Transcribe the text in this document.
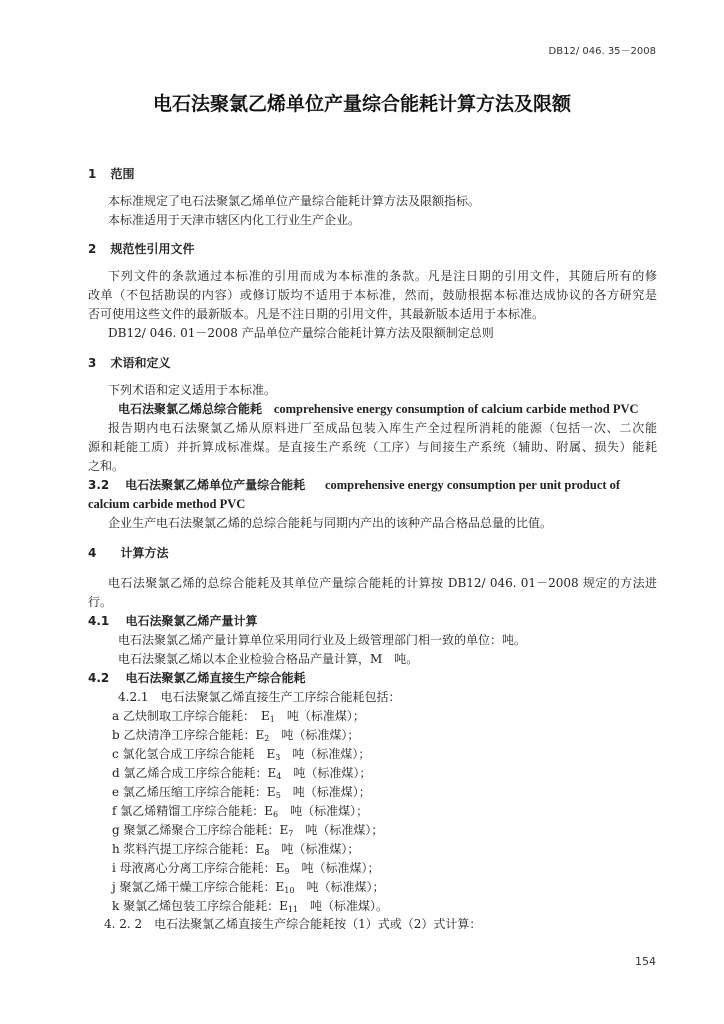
DB12/ 046. 35－2008
电石法聚氯乙烯单位产量综合能耗计算方法及限额
1 范围
本标准规定了电石法聚氯乙烯单位产量综合能耗计算方法及限额指标。
本标准适用于天津市辖区内化工行业生产企业。
2 规范性引用文件
下列文件的条款通过本标准的引用而成为本标准的条款。凡是注日期的引用文件，其随后所有的修
改单（不包括勘误的内容）或修订版均不适用于本标准，然而，鼓励根据本标准达成协议的各方研究是
否可使用这些文件的最新版本。凡是不注日期的引用文件，其最新版本适用于本标准。
DB12/ 046. 01－2008 产品单位产量综合能耗计算方法及限额制定总则
3 术语和定义
下列术语和定义适用于本标准。
电石法聚氯乙烯总综合能耗 comprehensive energy consumption of calcium carbide method PVC
报告期内电石法聚氯乙烯从原料进厂至成品包装入库生产全过程所消耗的能源（包括一次、二次能
源和耗能工质）并折算成标准煤。是直接生产系统（工序）与间接生产系统（辅助、附属、损失）能耗
之和。
3.2 电石法聚氯乙烯单位产量综合能耗 comprehensive energy consumption per unit product of
calcium carbide method PVC
企业生产电石法聚氯乙烯的总综合能耗与同期内产出的该种产品合格品总量的比值。
4 计算方法
电石法聚氯乙烯的总综合能耗及其单位产量综合能耗的计算按 DB12/ 046. 01－2008 规定的方法进
行。
4.1 电石法聚氯乙烯产量计算
电石法聚氯乙烯产量计算单位采用同行业及上级管理部门相一致的单位：吨。
电石法聚氯乙烯以本企业检验合格品产量计算，M　吨。
4.2 电石法聚氯乙烯直接生产综合能耗
4.2.1　电石法聚氯乙烯直接生产工序综合能耗包括：
a 乙炔制取工序综合能耗：　$E_1$　吨（标准煤）；
b 乙炔清净工序综合能耗：$E_2$　吨（标准煤）；
c 氯化氢合成工序综合能耗　$E_3$　吨（标准煤）；
d 氯乙烯合成工序综合能耗：$E_4$　吨（标准煤）；
e 氯乙烯压缩工序综合能耗：$E_5$　吨（标准煤）；
f 氯乙烯精馏工序综合能耗：$E_6$　吨（标准煤）；
g 聚氯乙烯聚合工序综合能耗：$E_7$　吨（标准煤）；
h 浆料汽提工序综合能耗：$E_8$　吨（标准煤）；
i 母液离心分离工序综合能耗：$E_9$　吨（标准煤）；
j 聚氯乙烯干燥工序综合能耗：$E_{10}$　吨（标准煤）；
k 聚氯乙烯包装工序综合能耗：$E_{11}$　吨（标准煤）。
4. 2. 2　电石法聚氯乙烯直接生产综合能耗按（1）式或（2）式计算：
154
